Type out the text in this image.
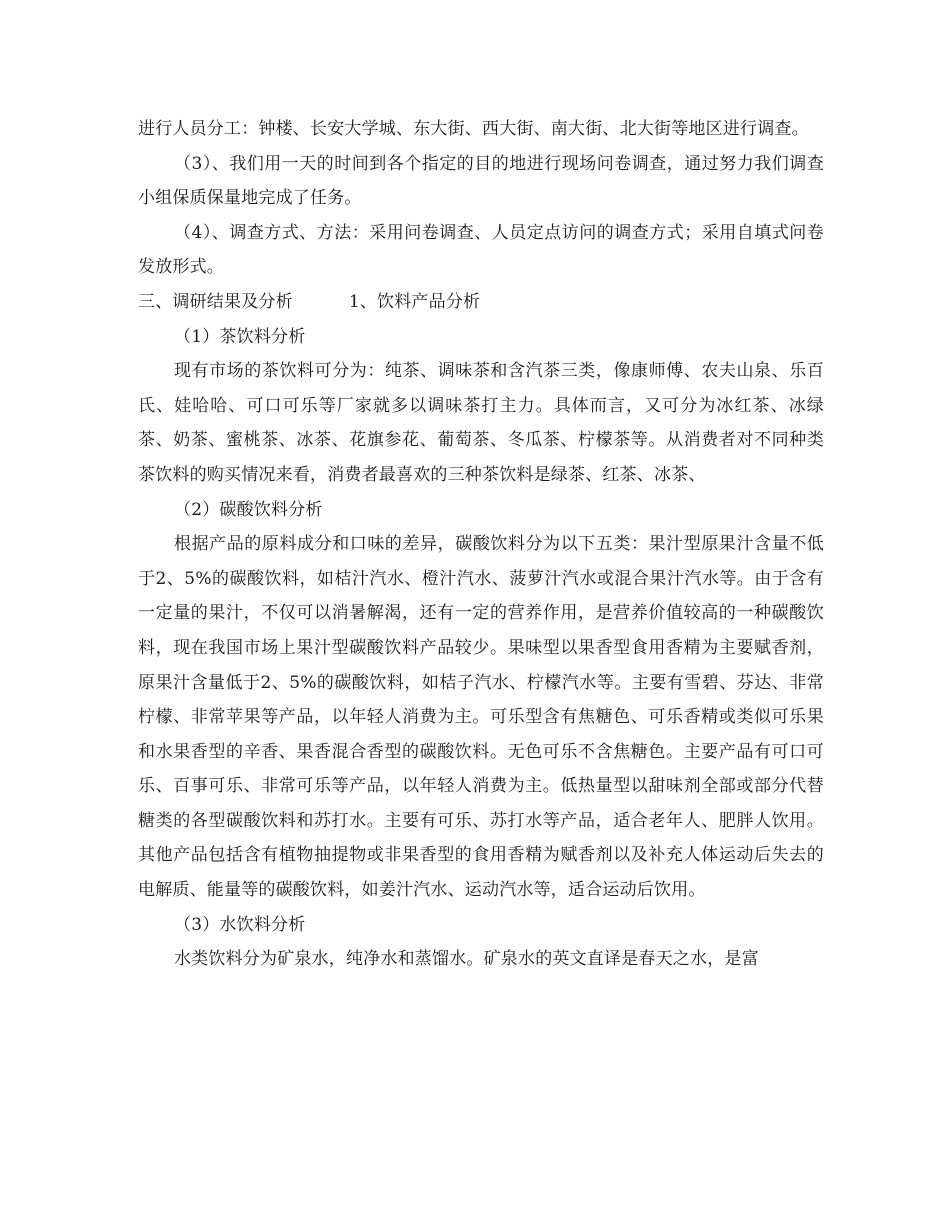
进行人员分工：钟楼、长安大学城、东大街、西大街、南大街、北大街等地区进行调查。

（3）、我们用一天的时间到各个指定的目的地进行现场问卷调查，通过努力我们调查小组保质保量地完成了任务。

（4）、调查方式、方法：采用问卷调查、人员定点访问的调查方式；采用自填式问卷发放形式。

三、调研结果及分析	1、饮料产品分析

（1）茶饮料分析

现有市场的茶饮料可分为：纯茶、调味茶和含汽茶三类，像康师傅、农夫山泉、乐百氏、娃哈哈、可口可乐等厂家就多以调味茶打主力。具体而言，又可分为冰红茶、冰绿茶、奶茶、蜜桃茶、冰茶、花旗参花、葡萄茶、冬瓜茶、柠檬茶等。从消费者对不同种类茶饮料的购买情况来看，消费者最喜欢的三种茶饮料是绿茶、红茶、冰茶、

（2）碳酸饮料分析

根据产品的原料成分和口味的差异，碳酸饮料分为以下五类：果汁型原果汁含量不低于2、5%的碳酸饮料，如桔汁汽水、橙汁汽水、菠萝汁汽水或混合果汁汽水等。由于含有一定量的果汁，不仅可以消暑解渴，还有一定的营养作用，是营养价值较高的一种碳酸饮料，现在我国市场上果汁型碳酸饮料产品较少。果味型以果香型食用香精为主要赋香剂，原果汁含量低于2、5%的碳酸饮料，如桔子汽水、柠檬汽水等。主要有雪碧、芬达、非常柠檬、非常苹果等产品，以年轻人消费为主。可乐型含有焦糖色、可乐香精或类似可乐果和水果香型的辛香、果香混合香型的碳酸饮料。无色可乐不含焦糖色。主要产品有可口可乐、百事可乐、非常可乐等产品，以年轻人消费为主。低热量型以甜味剂全部或部分代替糖类的各型碳酸饮料和苏打水。主要有可乐、苏打水等产品，适合老年人、肥胖人饮用。 其他产品包括含有植物抽提物或非果香型的食用香精为赋香剂以及补充人体运动后失去的电解质、能量等的碳酸饮料，如姜汁汽水、运动汽水等，适合运动后饮用。

（3）水饮料分析

水类饮料分为矿泉水，纯净水和蒸馏水。矿泉水的英文直译是春天之水，是富
